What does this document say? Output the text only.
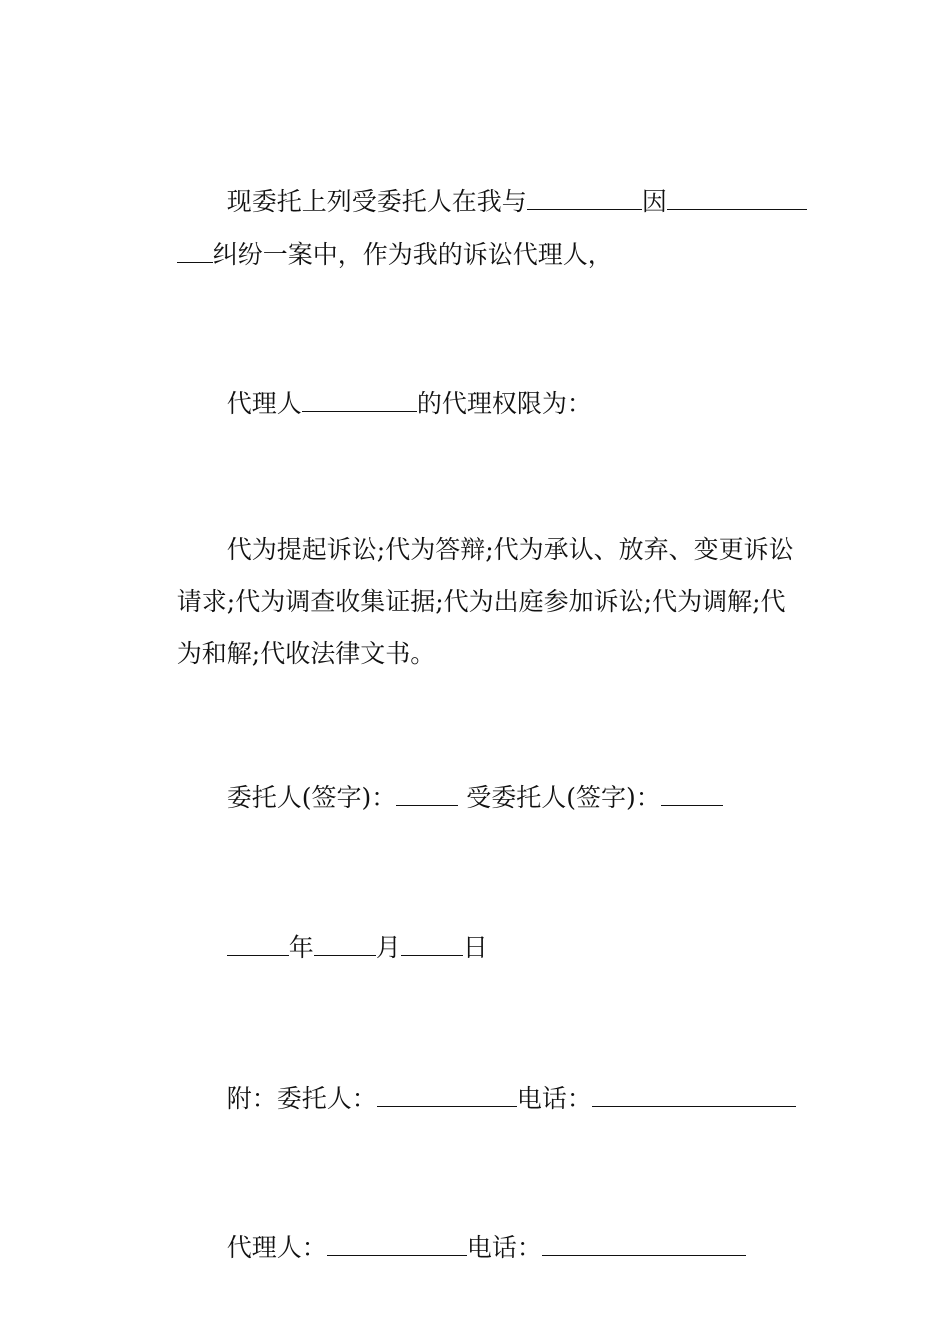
现委托上列受委托人在我与	因

纠纷一案中，作为我的诉讼代理人，

代理人	的代理权限为：

代为提起诉讼;代为答辩;代为承认、放弃、变更诉讼

请求;代为调查收集证据;代为出庭参加诉讼;代为调解;代

为和解;代收法律文书。

委托人(签字)： 受委托人(签字)：

年 月 日

附：委托人：	电话：

代理人：	电话：
